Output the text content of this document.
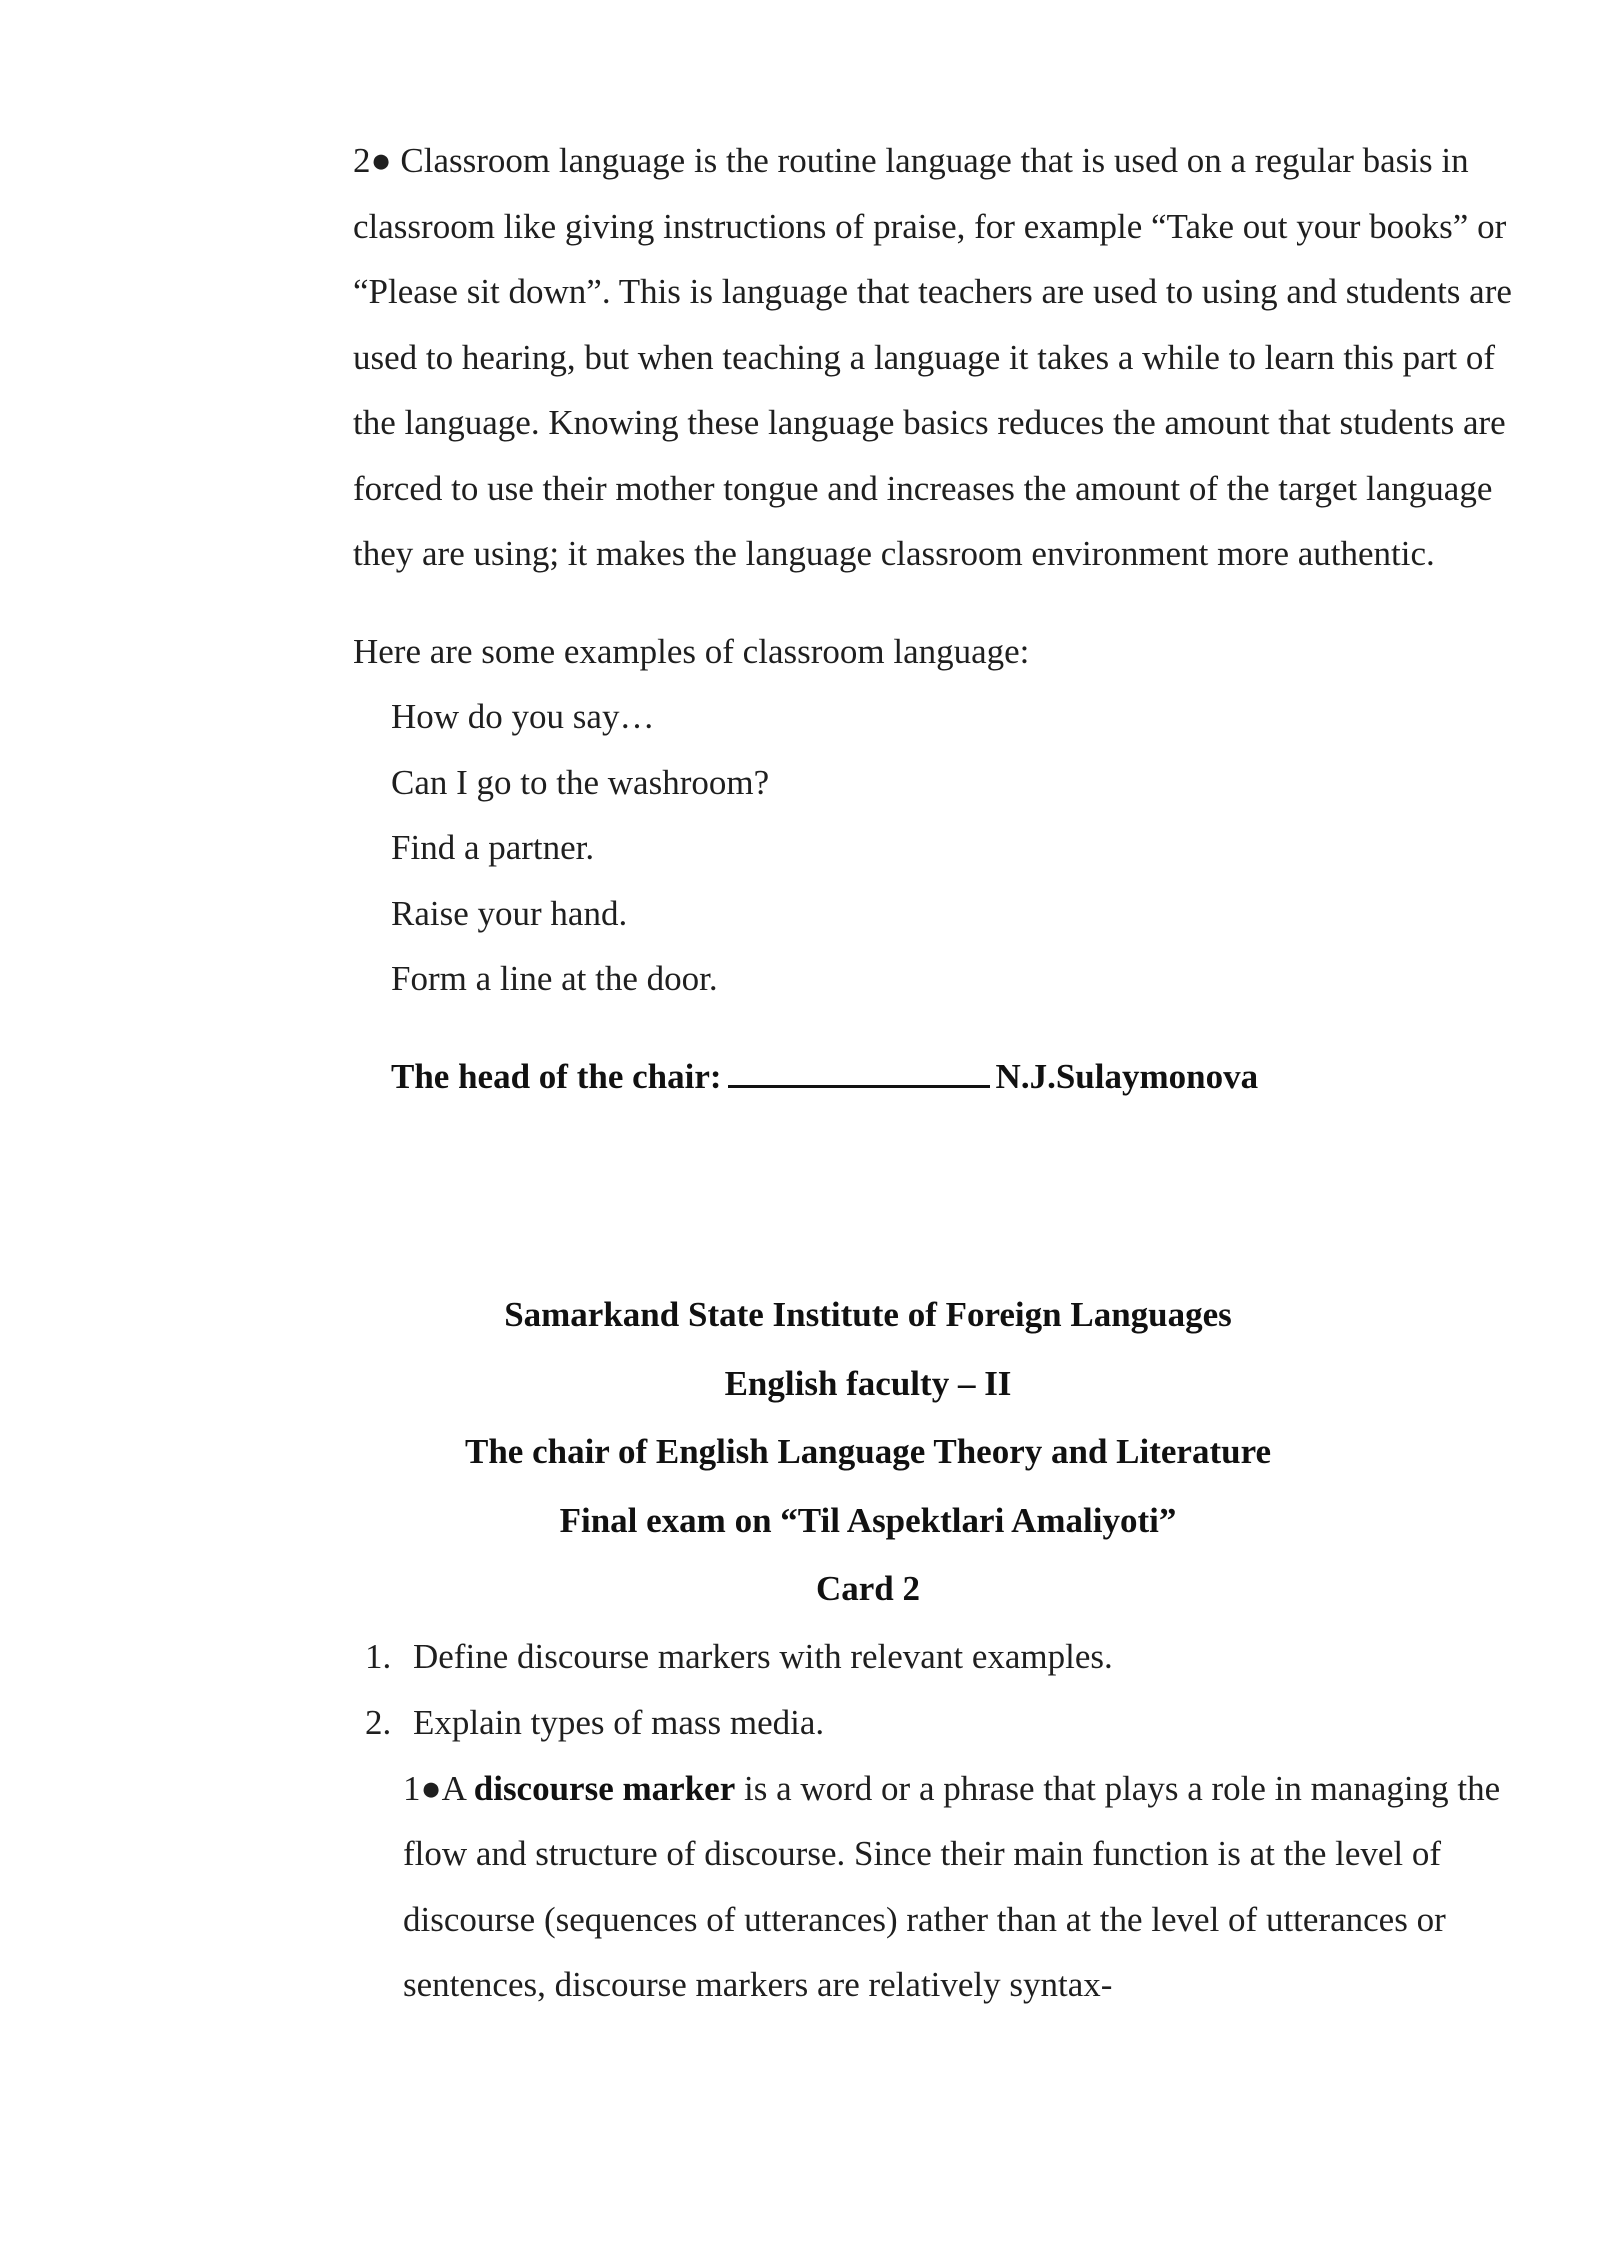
2● Classroom language is the routine language that is used on a regular basis in classroom like giving instructions of praise, for example “Take out your books” or “Please sit down”. This is language that teachers are used to using and students are used to hearing, but when teaching a language it takes a while to learn this part of the language. Knowing these language basics reduces the amount that students are forced to use their mother tongue and increases the amount of the target language they are using; it makes the language classroom environment more authentic.

Here are some examples of classroom language:

How do you say…
Can I go to the washroom?
Find a partner.
Raise your hand.
Form a line at the door.
The head of the chair:	N.J.Sulaymonova
Samarkand State Institute of Foreign Languages
English faculty – II
The chair of English Language Theory and Literature
Final exam on “Til Aspektlari Amaliyoti”
Card 2
1. Define discourse markers with relevant examples.
2. Explain types of mass media.

1●A discourse marker is a word or a phrase that plays a role in managing the flow and structure of discourse. Since their main function is at the level of discourse (sequences of utterances) rather than at the level of utterances or sentences, discourse markers are relatively syntax-
